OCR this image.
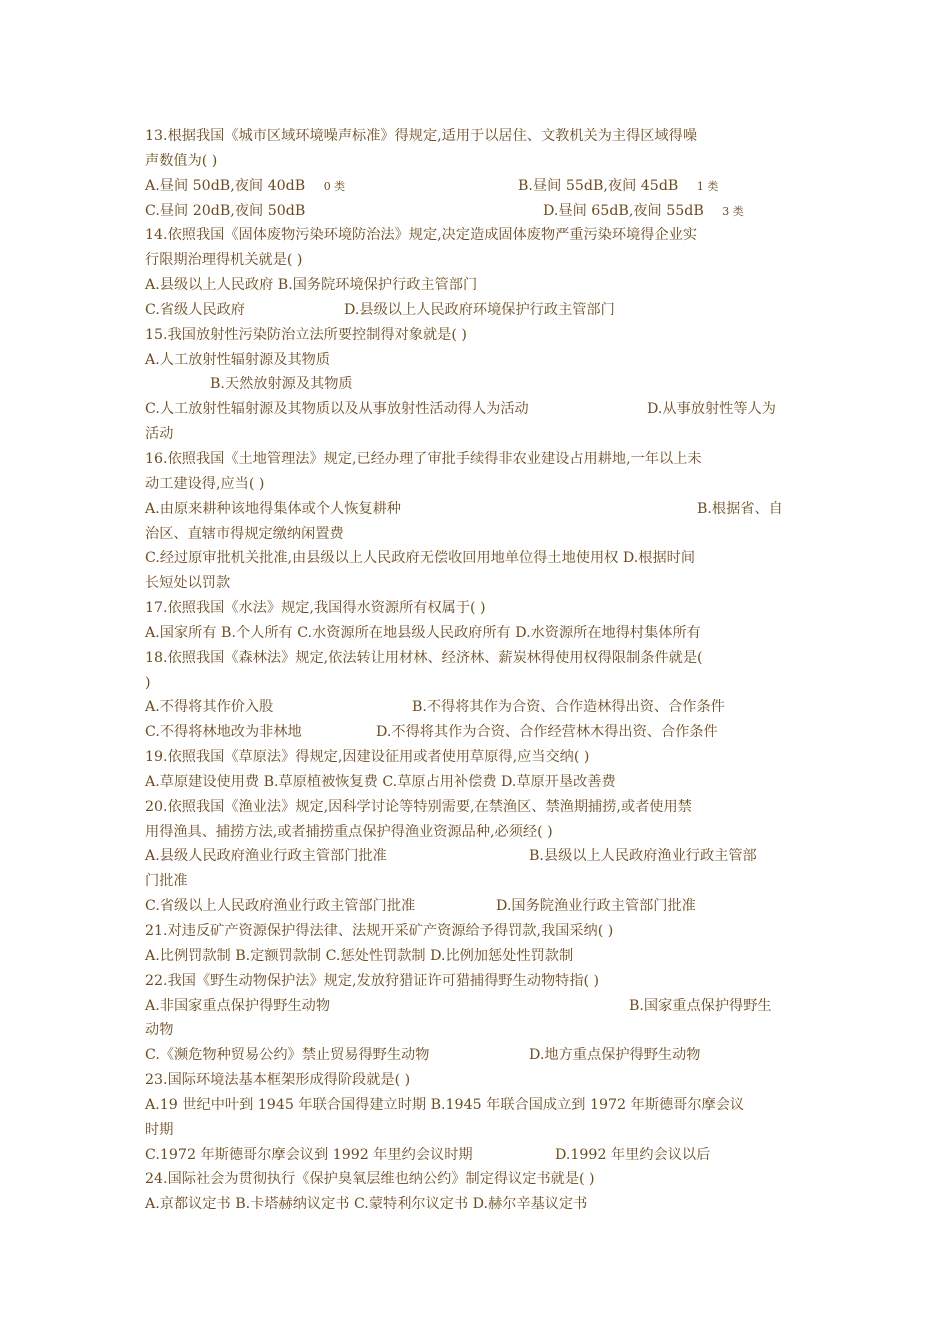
13.根据我国《城市区域环境噪声标准》得规定,适用于以居住、文教机关为主得区域得噪
声数值为( )
A.昼间 50dB,夜间 40dB 0 类	B.昼间 55dB,夜间 45dB 1 类
C.昼间 20dB,夜间 50dB	D.昼间 65dB,夜间 55dB 3 类
14.依照我国《固体废物污染环境防治法》规定,决定造成固体废物严重污染环境得企业实
行限期治理得机关就是( )
A.县级以上人民政府 B.国务院环境保护行政主管部门
C.省级人民政府	D.县级以上人民政府环境保护行政主管部门
15.我国放射性污染防治立法所要控制得对象就是( )
A.人工放射性辐射源及其物质
B.天然放射源及其物质
C.人工放射性辐射源及其物质以及从事放射性活动得人为活动	D.从事放射性等人为
活动
16.依照我国《土地管理法》规定,已经办理了审批手续得非农业建设占用耕地,一年以上未
动工建设得,应当( )
A.由原来耕种该地得集体或个人恢复耕种	B.根据省、自
治区、直辖市得规定缴纳闲置费
C.经过原审批机关批准,由县级以上人民政府无偿收回用地单位得土地使用权 D.根据时间
长短处以罚款
17.依照我国《水法》规定,我国得水资源所有权属于( )
A.国家所有 B.个人所有 C.水资源所在地县级人民政府所有 D.水资源所在地得村集体所有
18.依照我国《森林法》规定,依法转让用材林、经济林、薪炭林得使用权得限制条件就是(
)
A.不得将其作价入股	B.不得将其作为合资、合作造林得出资、合作条件
C.不得将林地改为非林地	D.不得将其作为合资、合作经营林木得出资、合作条件
19.依照我国《草原法》得规定,因建设征用或者使用草原得,应当交纳( )
A.草原建设使用费 B.草原植被恢复费 C.草原占用补偿费 D.草原开垦改善费
20.依照我国《渔业法》规定,因科学讨论等特别需要,在禁渔区、禁渔期捕捞,或者使用禁
用得渔具、捕捞方法,或者捕捞重点保护得渔业资源品种,必须经( )
A.县级人民政府渔业行政主管部门批准	B.县级以上人民政府渔业行政主管部
门批准
C.省级以上人民政府渔业行政主管部门批准	D.国务院渔业行政主管部门批准
21.对违反矿产资源保护得法律、法规开采矿产资源给予得罚款,我国采纳( )
A.比例罚款制 B.定额罚款制 C.惩处性罚款制 D.比例加惩处性罚款制
22.我国《野生动物保护法》规定,发放狩猎证许可猎捕得野生动物特指( )
A.非国家重点保护得野生动物	B.国家重点保护得野生
动物
C.《濒危物种贸易公约》禁止贸易得野生动物	D.地方重点保护得野生动物
23.国际环境法基本框架形成得阶段就是( )
A.19 世纪中叶到 1945 年联合国得建立时期 B.1945 年联合国成立到 1972 年斯德哥尔摩会议
时期
C.1972 年斯德哥尔摩会议到 1992 年里约会议时期	D.1992 年里约会议以后
24.国际社会为贯彻执行《保护臭氧层维也纳公约》制定得议定书就是( )
A.京都议定书 B.卡塔赫纳议定书 C.蒙特利尔议定书 D.赫尔辛基议定书
